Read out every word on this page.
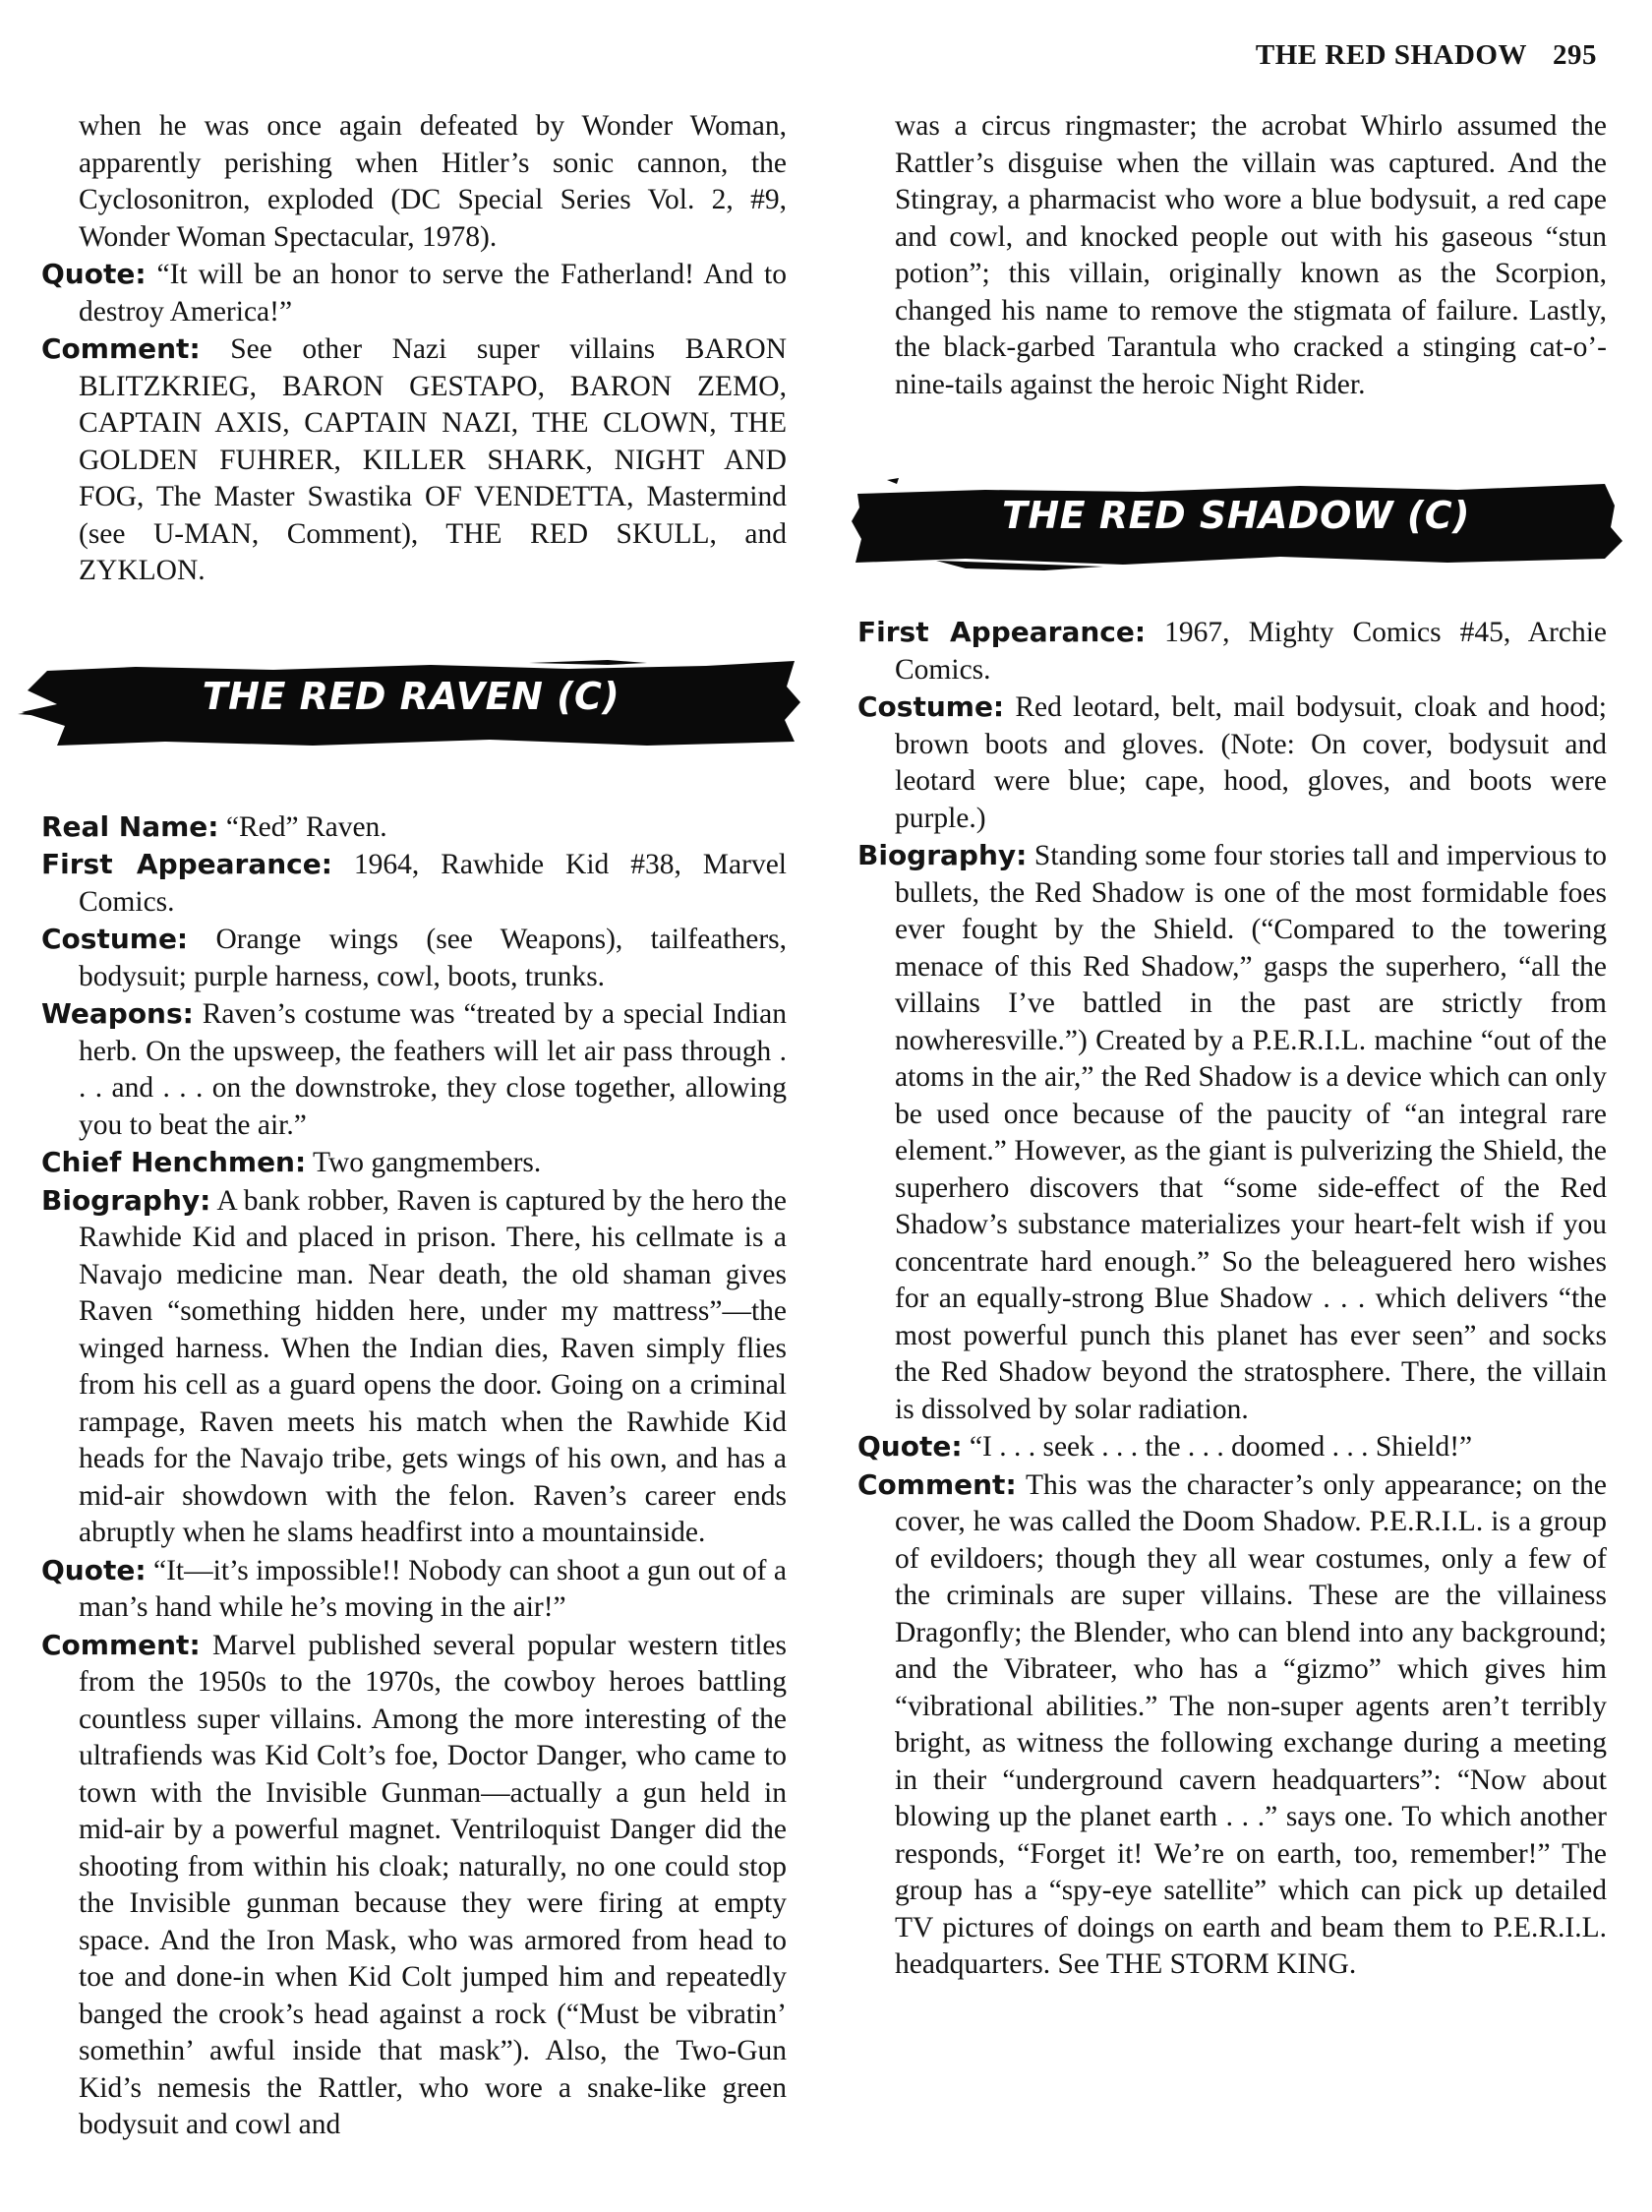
THE RED SHADOW 295

when he was once again defeated by Wonder Woman, apparently perishing when Hitler’s sonic cannon, the Cyclosonitron, exploded (DC Special Series Vol. 2, #9, Wonder Woman Spectacular, 1978).

Quote: “It will be an honor to serve the Fatherland! And to destroy America!”

Comment: See other Nazi super villains BARON BLITZKRIEG, BARON GESTAPO, BARON ZEMO, CAPTAIN AXIS, CAPTAIN NAZI, THE CLOWN, THE GOLDEN FUHRER, KILLER SHARK, NIGHT AND FOG, The Master Swastika OF VENDETTA, Mastermind (see U-MAN, Comment), THE RED SKULL, and ZYKLON.

THE RED RAVEN (C)

Real Name: “Red” Raven.

First Appearance: 1964, Rawhide Kid #38, Marvel Comics.

Costume: Orange wings (see Weapons), tailfeathers, bodysuit; purple harness, cowl, boots, trunks.

Weapons: Raven’s costume was “treated by a special Indian herb. On the upsweep, the feathers will let air pass through . . . and . . . on the downstroke, they close together, allowing you to beat the air.”

Chief Henchmen: Two gangmembers.

Biography: A bank robber, Raven is captured by the hero the Rawhide Kid and placed in prison. There, his cellmate is a Navajo medicine man. Near death, the old shaman gives Raven “something hidden here, under my mattress”—the winged harness. When the Indian dies, Raven simply flies from his cell as a guard opens the door. Going on a criminal rampage, Raven meets his match when the Rawhide Kid heads for the Navajo tribe, gets wings of his own, and has a mid-air showdown with the felon. Raven’s career ends abruptly when he slams headfirst into a mountainside.

Quote: “It—it’s impossible!! Nobody can shoot a gun out of a man’s hand while he’s moving in the air!”

Comment: Marvel published several popular western titles from the 1950s to the 1970s, the cowboy heroes battling countless super villains. Among the more interesting of the ultrafiends was Kid Colt’s foe, Doctor Danger, who came to town with the Invisible Gunman—actually a gun held in mid-air by a powerful magnet. Ventriloquist Danger did the shooting from within his cloak; naturally, no one could stop the Invisible gunman because they were firing at empty space. And the Iron Mask, who was armored from head to toe and done-in when Kid Colt jumped him and repeatedly banged the crook’s head against a rock (“Must be vibratin’ somethin’ awful inside that mask”). Also, the Two-Gun Kid’s nemesis the Rattler, who wore a snake-like green bodysuit and cowl and

was a circus ringmaster; the acrobat Whirlo assumed the Rattler’s disguise when the villain was captured. And the Stingray, a pharmacist who wore a blue bodysuit, a red cape and cowl, and knocked people out with his gaseous “stun potion”; this villain, originally known as the Scorpion, changed his name to remove the stigmata of failure. Lastly, the black-garbed Tarantula who cracked a stinging cat-o’-nine-tails against the heroic Night Rider.

THE RED SHADOW (C)

First Appearance: 1967, Mighty Comics #45, Archie Comics.

Costume: Red leotard, belt, mail bodysuit, cloak and hood; brown boots and gloves. (Note: On cover, bodysuit and leotard were blue; cape, hood, gloves, and boots were purple.)

Biography: Standing some four stories tall and impervious to bullets, the Red Shadow is one of the most formidable foes ever fought by the Shield. (“Compared to the towering menace of this Red Shadow,” gasps the superhero, “all the villains I’ve battled in the past are strictly from nowheresville.”) Created by a P.E.R.I.L. machine “out of the atoms in the air,” the Red Shadow is a device which can only be used once because of the paucity of “an integral rare element.” However, as the giant is pulverizing the Shield, the superhero discovers that “some side-effect of the Red Shadow’s substance materializes your heart-felt wish if you concentrate hard enough.” So the beleaguered hero wishes for an equally-strong Blue Shadow . . . which delivers “the most powerful punch this planet has ever seen” and socks the Red Shadow beyond the stratosphere. There, the villain is dissolved by solar radiation.

Quote: “I . . . seek . . . the . . . doomed . . . Shield!”

Comment: This was the character’s only appearance; on the cover, he was called the Doom Shadow. P.E.R.I.L. is a group of evildoers; though they all wear costumes, only a few of the criminals are super villains. These are the villainess Dragonfly; the Blender, who can blend into any background; and the Vibrateer, who has a “gizmo” which gives him “vibrational abilities.” The non-super agents aren’t terribly bright, as witness the following exchange during a meeting in their “underground cavern headquarters”: “Now about blowing up the planet earth . . .” says one. To which another responds, “Forget it! We’re on earth, too, remember!” The group has a “spy-eye satellite” which can pick up detailed TV pictures of doings on earth and beam them to P.E.R.I.L. headquarters. See THE STORM KING.
